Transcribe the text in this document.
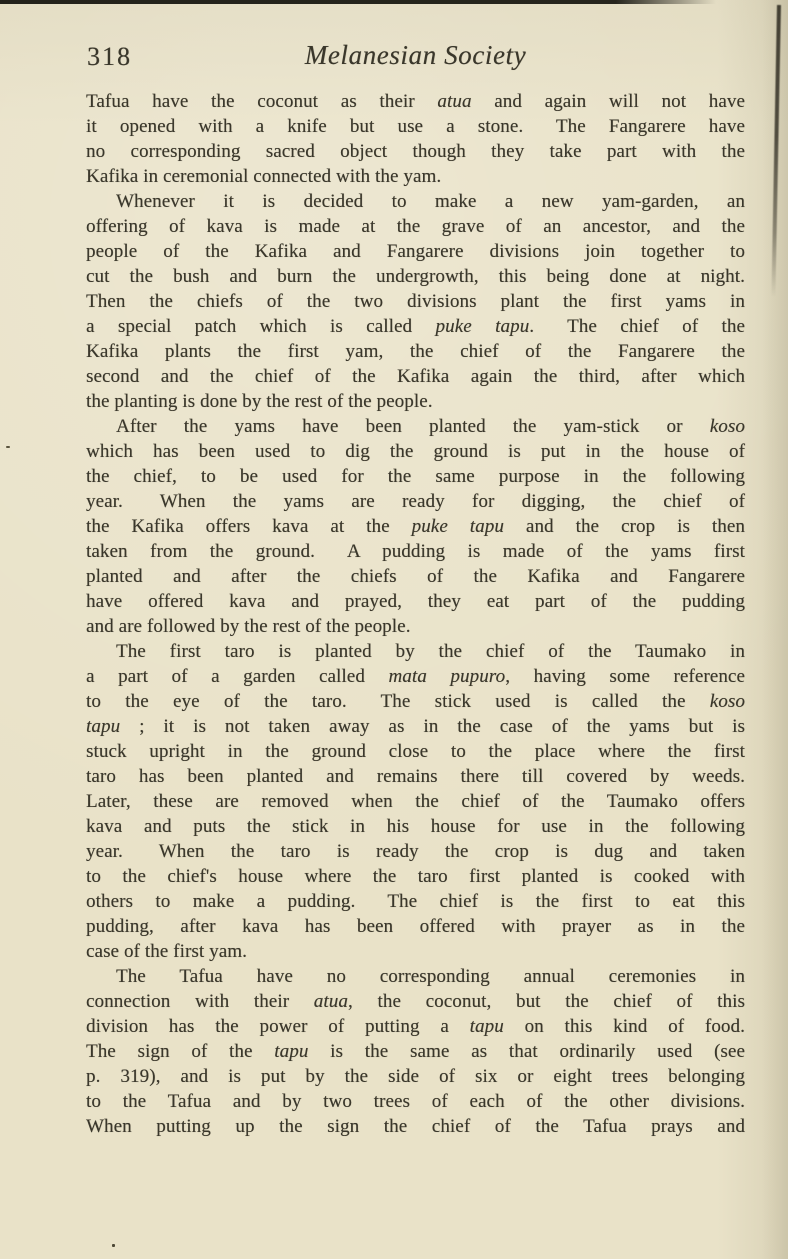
318	Melanesian Society
Tafua have the coconut as their atua and again will not have
it opened with a knife but use a stone.  The Fangarere have
no corresponding sacred object though they take part with the
Kafika in ceremonial connected with the yam.
Whenever it is decided to make a new yam-garden, an
offering of kava is made at the grave of an ancestor, and the
people of the Kafika and Fangarere divisions join together to
cut the bush and burn the undergrowth, this being done at night.
Then the chiefs of the two divisions plant the first yams in
a special patch which is called puke tapu.  The chief of the
Kafika plants the first yam, the chief of the Fangarere the
second and the chief of the Kafika again the third, after which
the planting is done by the rest of the people.
After the yams have been planted the yam-stick or koso
which has been used to dig the ground is put in the house of
the chief, to be used for the same purpose in the following
year.  When the yams are ready for digging, the chief of
the Kafika offers kava at the puke tapu and the crop is then
taken from the ground.  A pudding is made of the yams first
planted and after the chiefs of the Kafika and Fangarere
have offered kava and prayed, they eat part of the pudding
and are followed by the rest of the people.
The first taro is planted by the chief of the Taumako in
a part of a garden called mata pupuro, having some reference
to the eye of the taro.  The stick used is called the koso
tapu ; it is not taken away as in the case of the yams but is
stuck upright in the ground close to the place where the first
taro has been planted and remains there till covered by weeds.
Later, these are removed when the chief of the Taumako offers
kava and puts the stick in his house for use in the following
year.  When the taro is ready the crop is dug and taken
to the chief's house where the taro first planted is cooked with
others to make a pudding.  The chief is the first to eat this
pudding, after kava has been offered with prayer as in the
case of the first yam.
The Tafua have no corresponding annual ceremonies in
connection with their atua, the coconut, but the chief of this
division has the power of putting a tapu on this kind of food.
The sign of the tapu is the same as that ordinarily used (see
p. 319), and is put by the side of six or eight trees belonging
to the Tafua and by two trees of each of the other divisions.
When putting up the sign the chief of the Tafua prays and
